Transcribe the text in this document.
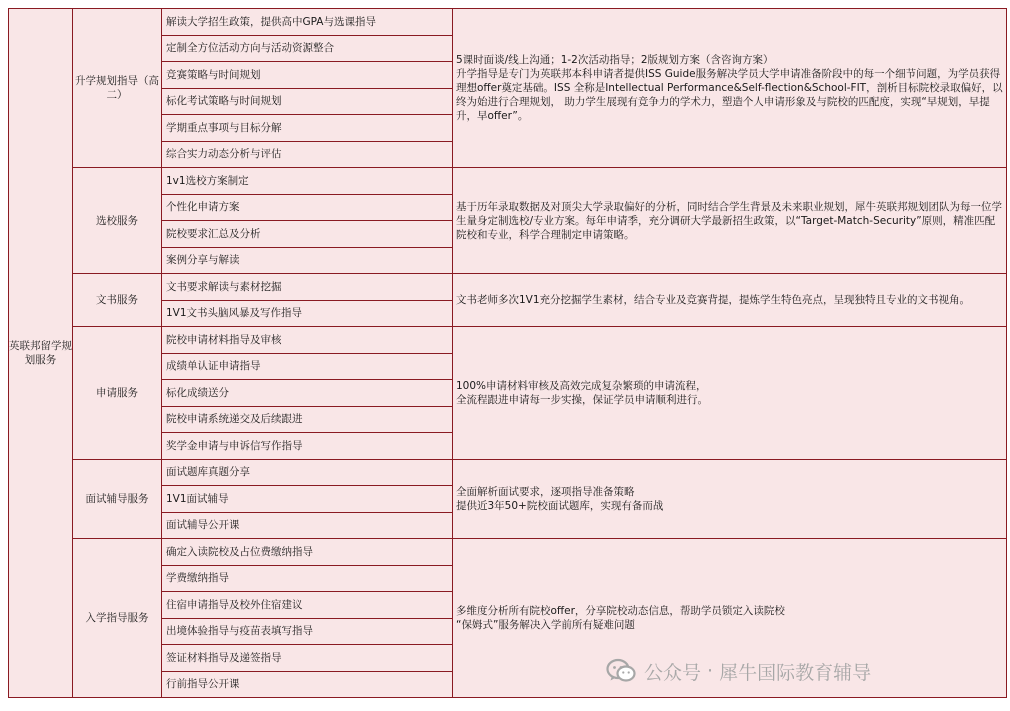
英联邦留学规划服务	升学规划指导（高二）	解读大学招生政策，提供高中GPA与选课指导	5课时面谈/线上沟通；1-2次活动指导；2版规划方案（含咨询方案）
升学指导是专门为英联邦本科申请者提供ISS Guide服务解决学员大学申请准备阶段中的每一个细节问题，为学员获得理想offer奠定基础。ISS 全称是Intellectual Performance&Self-flection&School-FIT，剖析目标院校录取偏好，以终为始进行合理规划， 助力学生展现有竞争力的学术力，塑造个人申请形象及与院校的匹配度，实现“早规划，早提升，早offer”。

		定制全方位活动方向与活动资源整合	
		竞赛策略与时间规划	
		标化考试策略与时间规划	
		学期重点事项与目标分解	
		综合实力动态分析与评估	
	选校服务	1v1选校方案制定	基于历年录取数据及对顶尖大学录取偏好的分析，同时结合学生背景及未来职业规划，犀牛英联邦规划团队为每一位学生量身定制选校/专业方案。每年申请季，充分调研大学最新招生政策，以“Target-Match-Security”原则，精准匹配院校和专业，科学合理制定申请策略。

		个性化申请方案	
		院校要求汇总及分析	
		案例分享与解读	
	文书服务	文书要求解读与素材挖掘	文书老师多次1V1充分挖掘学生素材，结合专业及竞赛背提，提炼学生特色亮点，呈现独特且专业的文书视角。

		1V1文书头脑风暴及写作指导	
	申请服务	院校申请材料指导及审核	100%申请材料审核及高效完成复杂繁琐的申请流程，
全流程跟进申请每一步实操，保证学员申请顺利进行。

		成绩单认证申请指导	
		标化成绩送分	
		院校申请系统递交及后续跟进	
		奖学金申请与申诉信写作指导	
	面试辅导服务	面试题库真题分享	全面解析面试要求，逐项指导准备策略
提供近3年50+院校面试题库，实现有备而战

		1V1面试辅导	
		面试辅导公开课	
	入学指导服务	确定入读院校及占位费缴纳指导	多维度分析所有院校offer，分享院校动态信息，帮助学员锁定入读院校
“保姆式”服务解决入学前所有疑难问题

		学费缴纳指导	
		住宿申请指导及校外住宿建议	
		出境体验指导与疫苗表填写指导	
		签证材料指导及递签指导	
		行前指导公开课	
公众号 · 犀牛国际教育辅导
